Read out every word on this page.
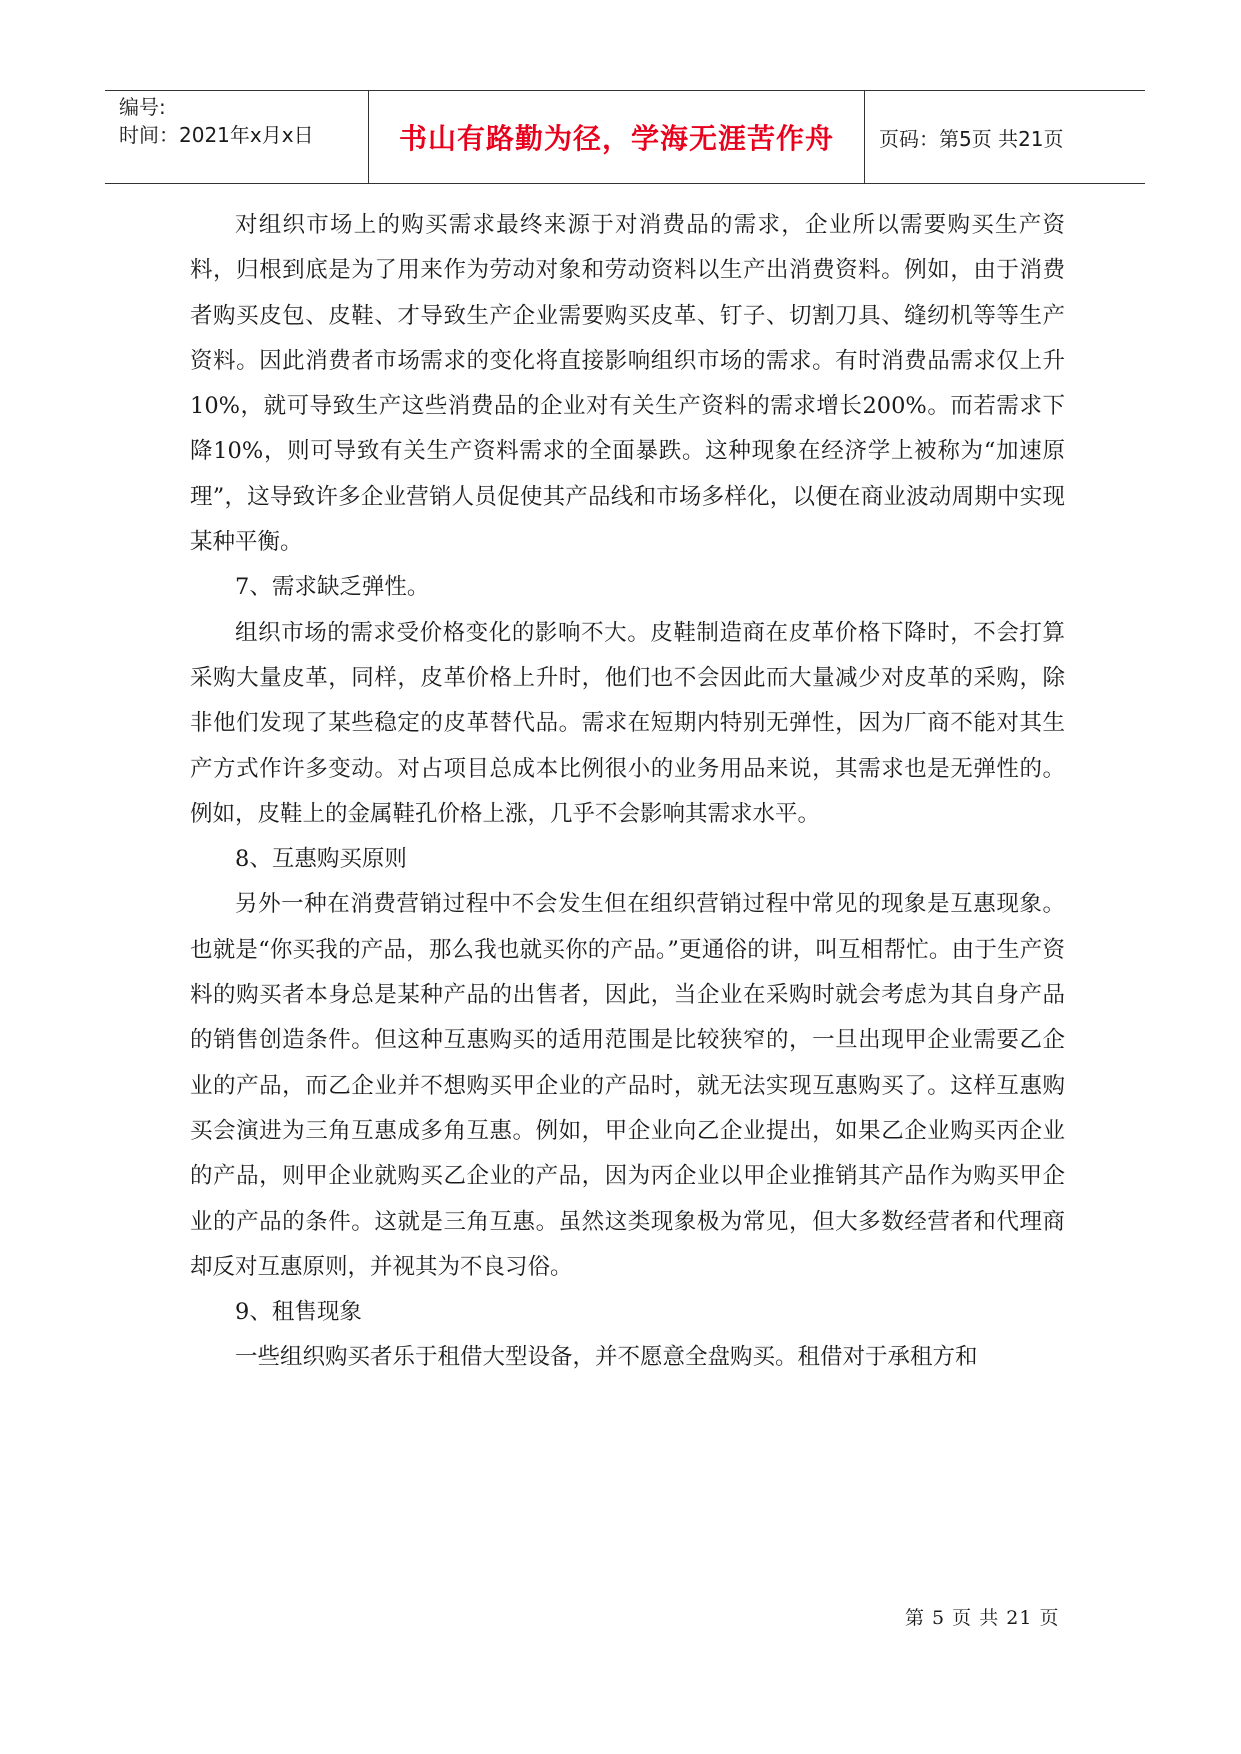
编号:
时间：2021年x月x日	书山有路勤为径，学海无涯苦作舟	页码：第5页 共21页

对组织市场上的购买需求最终来源于对消费品的需求，企业所以需要购买生产资料，归根到底是为了用来作为劳动对象和劳动资料以生产出消费资料。例如，由于消费者购买皮包、皮鞋、才导致生产企业需要购买皮革、钉子、切割刀具、缝纫机等等生产资料。因此消费者市场需求的变化将直接影响组织市场的需求。有时消费品需求仅上升10%，就可导致生产这些消费品的企业对有关生产资料的需求增长200%。而若需求下降10%，则可导致有关生产资料需求的全面暴跌。这种现象在经济学上被称为“加速原理”，这导致许多企业营销人员促使其产品线和市场多样化，以便在商业波动周期中实现某种平衡。

7、需求缺乏弹性。

组织市场的需求受价格变化的影响不大。皮鞋制造商在皮革价格下降时，不会打算采购大量皮革，同样，皮革价格上升时，他们也不会因此而大量减少对皮革的采购，除非他们发现了某些稳定的皮革替代品。需求在短期内特别无弹性，因为厂商不能对其生产方式作许多变动。对占项目总成本比例很小的业务用品来说，其需求也是无弹性的。例如，皮鞋上的金属鞋孔价格上涨，几乎不会影响其需求水平。

8、互惠购买原则

另外一种在消费营销过程中不会发生但在组织营销过程中常见的现象是互惠现象。也就是“你买我的产品，那么我也就买你的产品。”更通俗的讲，叫互相帮忙。由于生产资料的购买者本身总是某种产品的出售者，因此，当企业在采购时就会考虑为其自身产品的销售创造条件。但这种互惠购买的适用范围是比较狭窄的，一旦出现甲企业需要乙企业的产品，而乙企业并不想购买甲企业的产品时，就无法实现互惠购买了。这样互惠购买会演进为三角互惠成多角互惠。例如，甲企业向乙企业提出，如果乙企业购买丙企业的产品，则甲企业就购买乙企业的产品，因为丙企业以甲企业推销其产品作为购买甲企业的产品的条件。这就是三角互惠。虽然这类现象极为常见，但大多数经营者和代理商却反对互惠原则，并视其为不良习俗。

9、租售现象

一些组织购买者乐于租借大型设备，并不愿意全盘购买。租借对于承租方和

第 5 页 共 21 页
